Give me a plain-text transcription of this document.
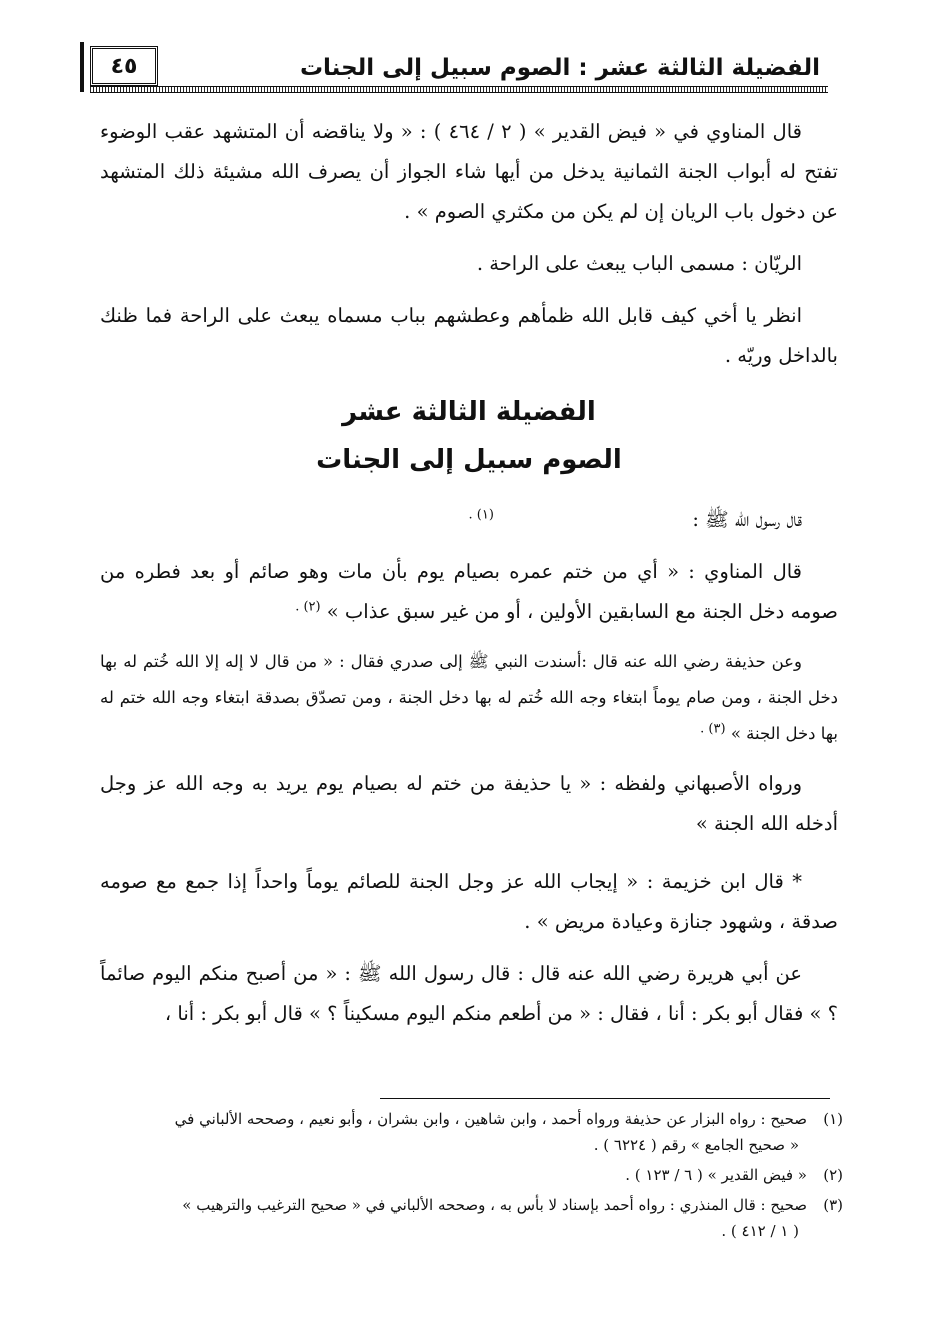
٤٥	الفضيلة الثالثة عشر : الصوم سبيل إلى الجنات

قال المناوي في « فيض القدير » ( ٢ / ٤٦٤ ) : « ولا يناقضه أن المتشهد عقب الوضوء تفتح له أبواب الجنة الثمانية يدخل من أيها شاء الجواز أن يصرف الله مشيئة ذلك المتشهد عن دخول باب الريان إن لم يكن من مكثري الصوم » .

الريّان : مسمى الباب يبعث على الراحة .

انظر يا أخي كيف قابل الله ظمأهم وعطشهم بباب مسماه يبعث على الراحة فما ظنك بالداخل وريّه .

الفضيلة الثالثة عشر
الصوم سبيل إلى الجنات

قال رسول الله ﷺ :                                $^{(١) .}$

قال المناوي : « أي من ختم عمره بصيام يوم بأن مات وهو صائم أو بعد فطره من صومه دخل الجنة مع السابقين الأولين ، أو من غير سبق عذاب » $^{(٢) .}$

وعن حذيفة رضي الله عنه قال :أسندت النبي ﷺ إلى صدري فقال : « من قال لا إله إلا الله خُتم له بها دخل الجنة ، ومن صام يوماً ابتغاء وجه الله خُتم له بها دخل الجنة ، ومن تصدّق بصدقة ابتغاء وجه الله ختم له بها دخل الجنة » $^{(٣) .}$

ورواه الأصبهاني ولفظه : « يا حذيفة من ختم له بصيام يوم يريد به وجه الله عز وجل أدخله الله الجنة »

* قال ابن خزيمة : « إيجاب الله عز وجل الجنة للصائم يوماً واحداً إذا جمع مع صومه صدقة ، وشهود جنازة وعيادة مريض » .

عن أبي هريرة رضي الله عنه قال : قال رسول الله ﷺ : « من أصبح منكم اليوم صائماً ؟ » فقال أبو بكر : أنا ، فقال : « من أطعم منكم اليوم مسكيناً ؟ » قال أبو بكر : أنا ،

(١)صحيح : رواه البزار عن حذيفة ورواه أحمد ، وابن شاهين ، وابن بشران ، وأبو نعيم ، وصححه الألباني في
« صحيح الجامع » رقم ( ٦٢٢٤ ) .
(٢)« فيض القدير » ( ٦ / ١٢٣ ) .
(٣)صحيح : قال المنذري : رواه أحمد بإسناد لا بأس به ، وصححه الألباني في « صحيح الترغيب والترهيب »
( ١ / ٤١٢ ) .
